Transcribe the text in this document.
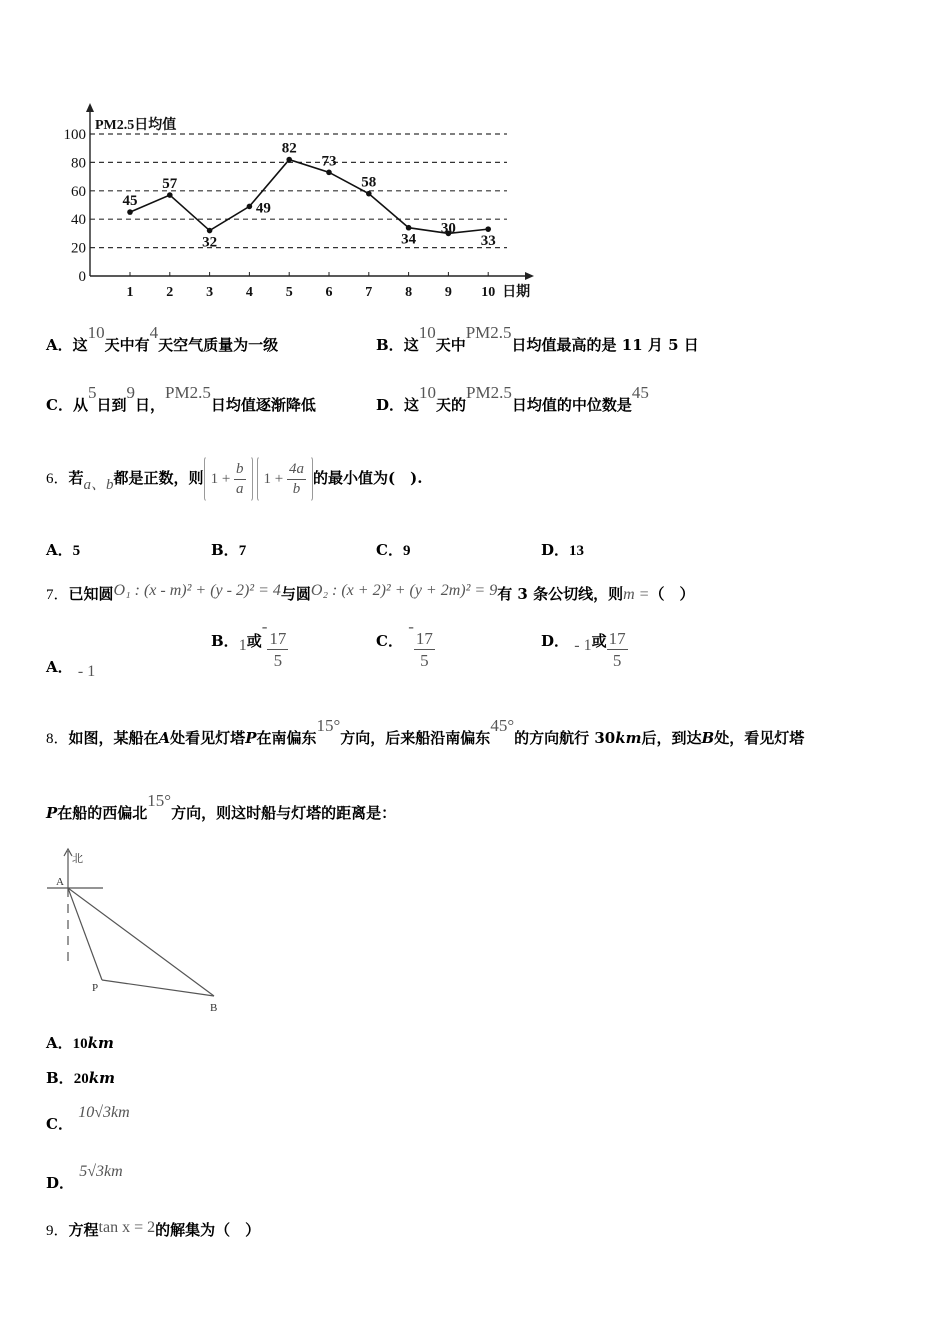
0
20
40
60
80
100
PM2.5日均值
日期
1 2 3 4 5 6 7 8 9 10
45
57
32
49
82
73
58
34
30
33
A．这10天中有4天空气质量为一级	B．这10天中PM2.5日均值最高的是 11 月 5 日
C．从5日到9日，PM2.5日均值逐渐降低	D．这10天的PM2.5日均值的中位数是45
6．若a、b都是正数，则 $1 + \frac{b}{a} 1 + \frac{4a}{b}$ 的最小值为(　).
A．5	B．7	C．9	D．13
7．已知圆O₁ : (x - m)² + (y - 2)² = 4与圆O₂ : (x + 2)² + (y + 2m)² = 9有 3 条公切线，则m =（　）
A． - 1
B．1或-
$\frac{17}{5}$	C． -
$\frac{17}{5}$	D． - 1或 $\frac{17}{5}$
8．如图，某船在A处看见灯塔P在南偏东15°方向，后来船沿南偏东45°的方向航行 30km后，到达B处，看见灯塔
P在船的西偏北15°方向，则这时船与灯塔的距离是：
北
A
P
B
A．10km
B．20km
C． 10√3km
D． 5√3km
9．方程tan x = 2的解集为（　）
